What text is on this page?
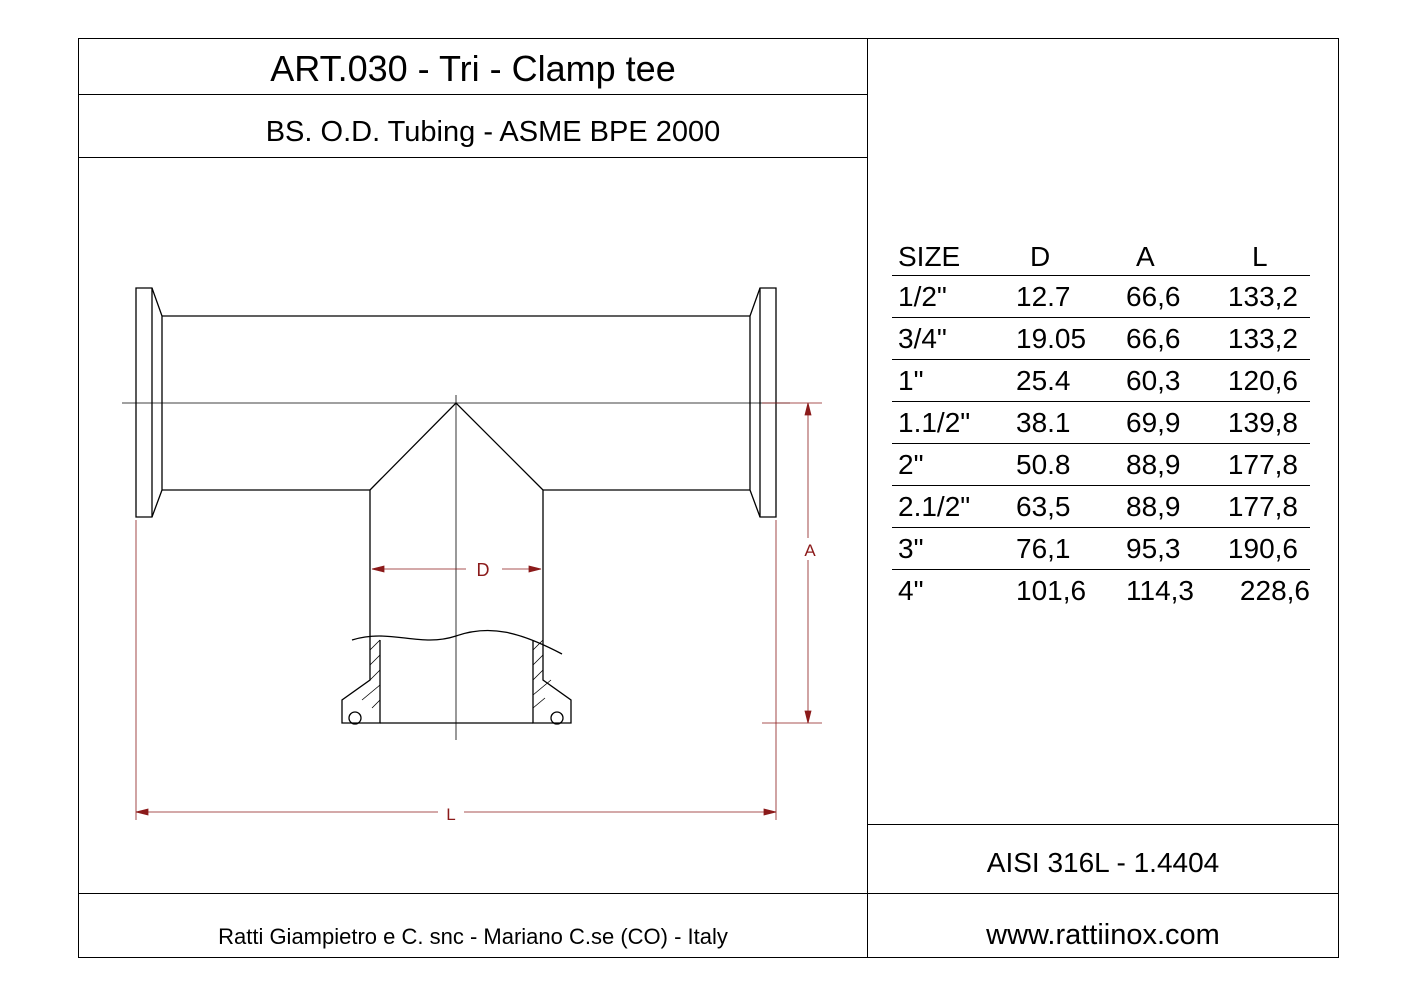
ART.030 - Tri - Clamp tee
BS. O.D. Tubing - ASME BPE 2000
D
A
L
SIZE D	A	L
1/2" 12.7 66,6 133,2
3/4" 19.05 66,6 133,2
1"	25.4 60,3 120,6
1.1/2" 38.1 69,9 139,8
2"	50.8 88,9 177,8
2.1/2" 63,5 88,9 177,8
3"	76,1 95,3 190,6
4"	101,6 114,3 228,6
AISI 316L - 1.4404
Ratti Giampietro e C. snc - Mariano C.se (CO) - Italy	www.rattiinox.com
